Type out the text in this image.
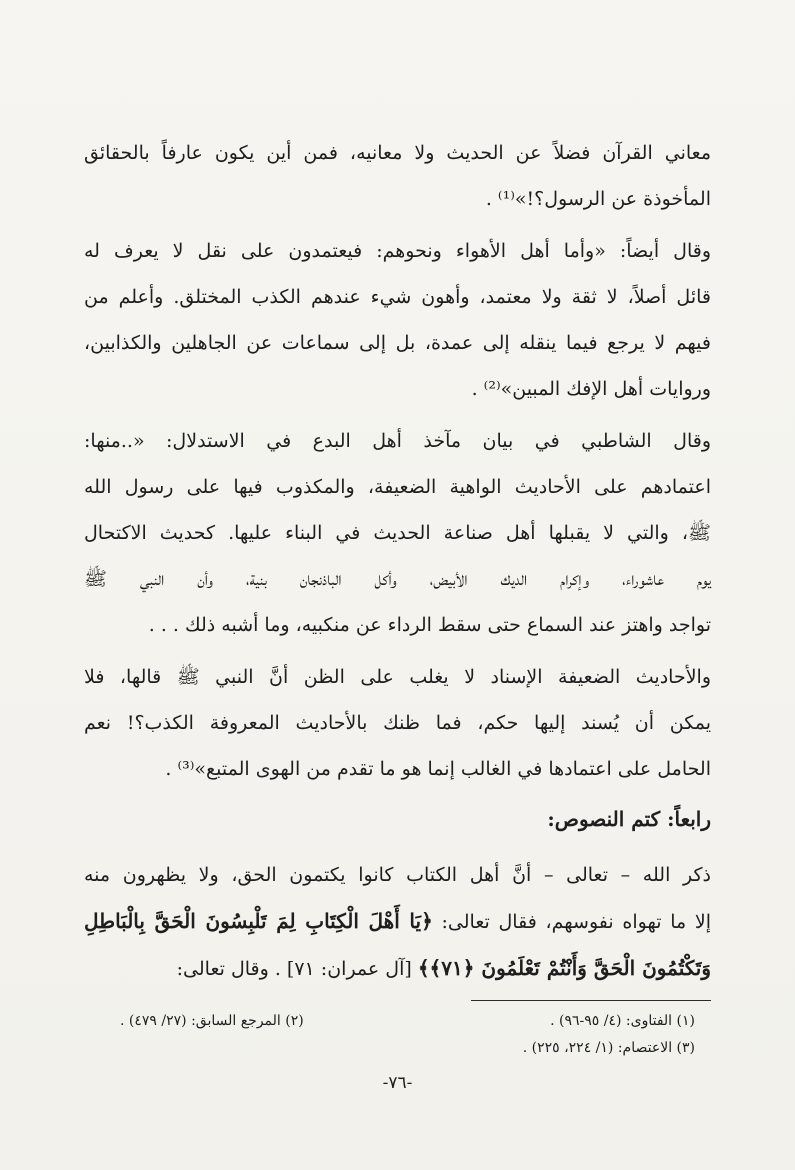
معاني القرآن فضلاً عن الحديث ولا معانيه، فمن أين يكون عارفاً بالحقائق
المأخوذة عن الرسول؟!»⁽¹⁾ .

وقال أيضاً: «وأما أهل الأهواء ونحوهم: فيعتمدون على نقل لا يعرف له
قائل أصلاً، لا ثقة ولا معتمد، وأهون شيء عندهم الكذب المختلق. وأعلم من
فيهم لا يرجع فيما ينقله إلى عمدة، بل إلى سماعات عن الجاهلين والكذابين،
وروايات أهل الإفك المبين»⁽²⁾ .

وقال الشاطبي في بيان مآخذ أهل البدع في الاستدلال: «..منها:
اعتمادهم على الأحاديث الواهية الضعيفة، والمكذوب فيها على رسول الله
ﷺ، والتي لا يقبلها أهل صناعة الحديث في البناء عليها. كحديث الاكتحال
يوم عاشوراء، وإكرام الديك الأبيض، وأكل الباذنجان بنية، وأن النبي ﷺ
تواجد واهتز عند السماع حتى سقط الرداء عن منكبيه، وما أشبه ذلك . . .

والأحاديث الضعيفة الإسناد لا يغلب على الظن أنَّ النبي ﷺ قالها، فلا
يمكن أن يُسند إليها حكم، فما ظنك بالأحاديث المعروفة الكذب؟! نعم
الحامل على اعتمادها في الغالب إنما هو ما تقدم من الهوى المتبع»⁽³⁾ .

رابعاً: كتم النصوص:

ذكر الله – تعالى – أنَّ أهل الكتاب كانوا يكتمون الحق، ولا يظهرون منه
إلا ما تهواه نفوسهم، فقال تعالى: ﴿يَا أَهْلَ الْكِتَابِ لِمَ تَلْبِسُونَ الْحَقَّ بِالْبَاطِلِ
وَتَكْتُمُونَ الْحَقَّ وَأَنْتُمْ تَعْلَمُونَ ﴿٧١﴾﴾ [آل عمران: ٧١] . وقال تعالى:

(١) الفتاوى: (٤/ ٩٥-٩٦) .
(٢) المرجع السابق: (٢٧/ ٤٧٩) .
(٣) الاعتصام: (١/ ٢٢٤، ٢٢٥) .
-٧٦-
